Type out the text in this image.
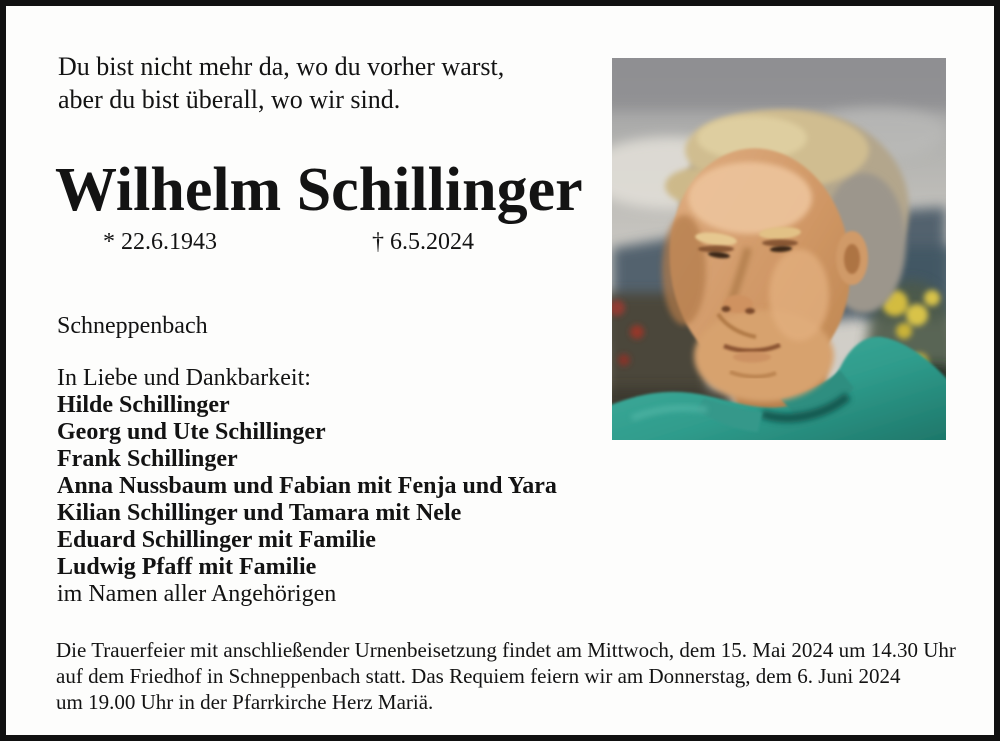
Du bist nicht mehr da, wo du vorher warst,
aber du bist überall, wo wir sind.
Wilhelm Schillinger
* 22.6.1943	† 6.5.2024
Schneppenbach
In Liebe und Dankbarkeit:
Hilde Schillinger
Georg und Ute Schillinger
Frank Schillinger
Anna Nussbaum und Fabian mit Fenja und Yara
Kilian Schillinger und Tamara mit Nele
Eduard Schillinger mit Familie
Ludwig Pfaff mit Familie
im Namen aller Angehörigen
Die Trauerfeier mit anschließender Urnenbeisetzung findet am Mittwoch, dem 15. Mai 2024 um 14.30 Uhr
auf dem Friedhof in Schneppenbach statt. Das Requiem feiern wir am Donnerstag, dem 6. Juni 2024
um 19.00 Uhr in der Pfarrkirche Herz Mariä.
